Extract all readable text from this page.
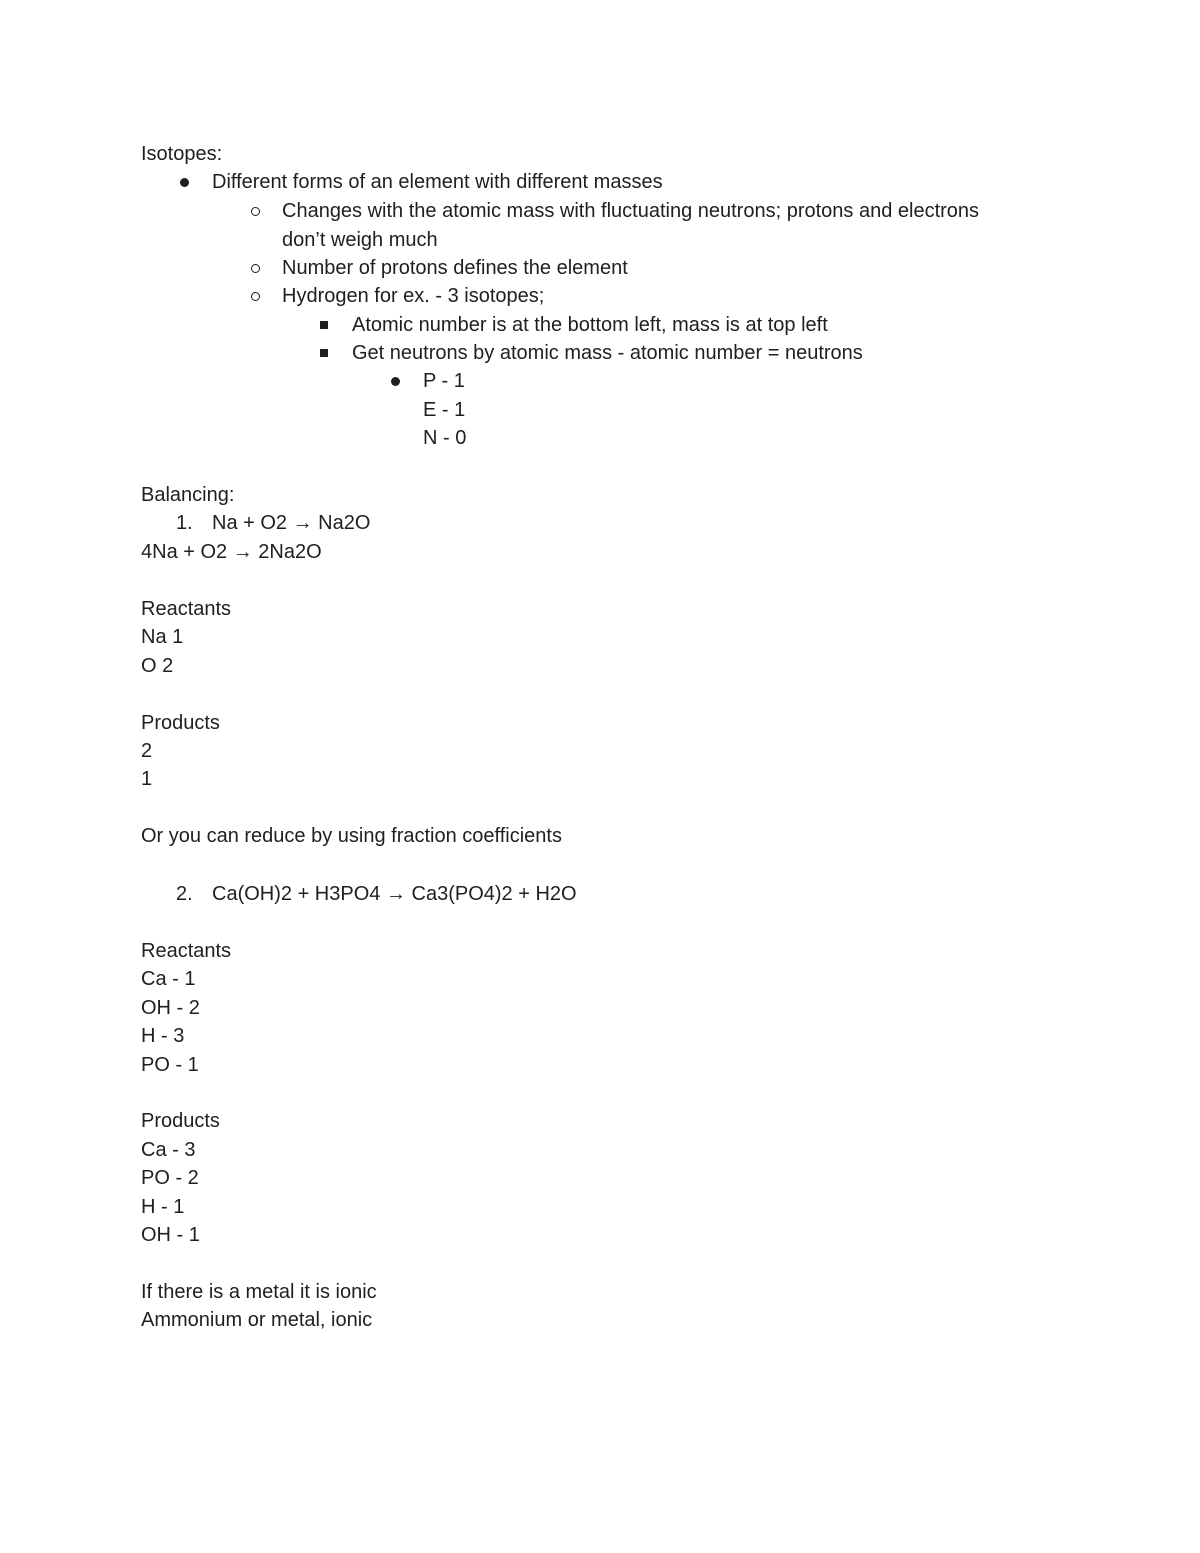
Isotopes:
Different forms of an element with different masses
Changes with the atomic mass with fluctuating neutrons; protons and electrons
don’t weigh much
Number of protons defines the element
Hydrogen for ex. - 3 isotopes;
Atomic number is at the bottom left, mass is at top left
Get neutrons by atomic mass - atomic number = neutrons
P - 1
E - 1
N - 0
Balancing:
1. Na + O2 → Na2O
4Na + O2 → 2Na2O
Reactants
Na 1
O 2
Products
2
1
Or you can reduce by using fraction coefficients
2. Ca(OH)2 + H3PO4 → Ca3(PO4)2 + H2O
Reactants
Ca - 1
OH - 2
H - 3
PO - 1
Products
Ca - 3
PO - 2
H - 1
OH - 1
If there is a metal it is ionic
Ammonium or metal, ionic
